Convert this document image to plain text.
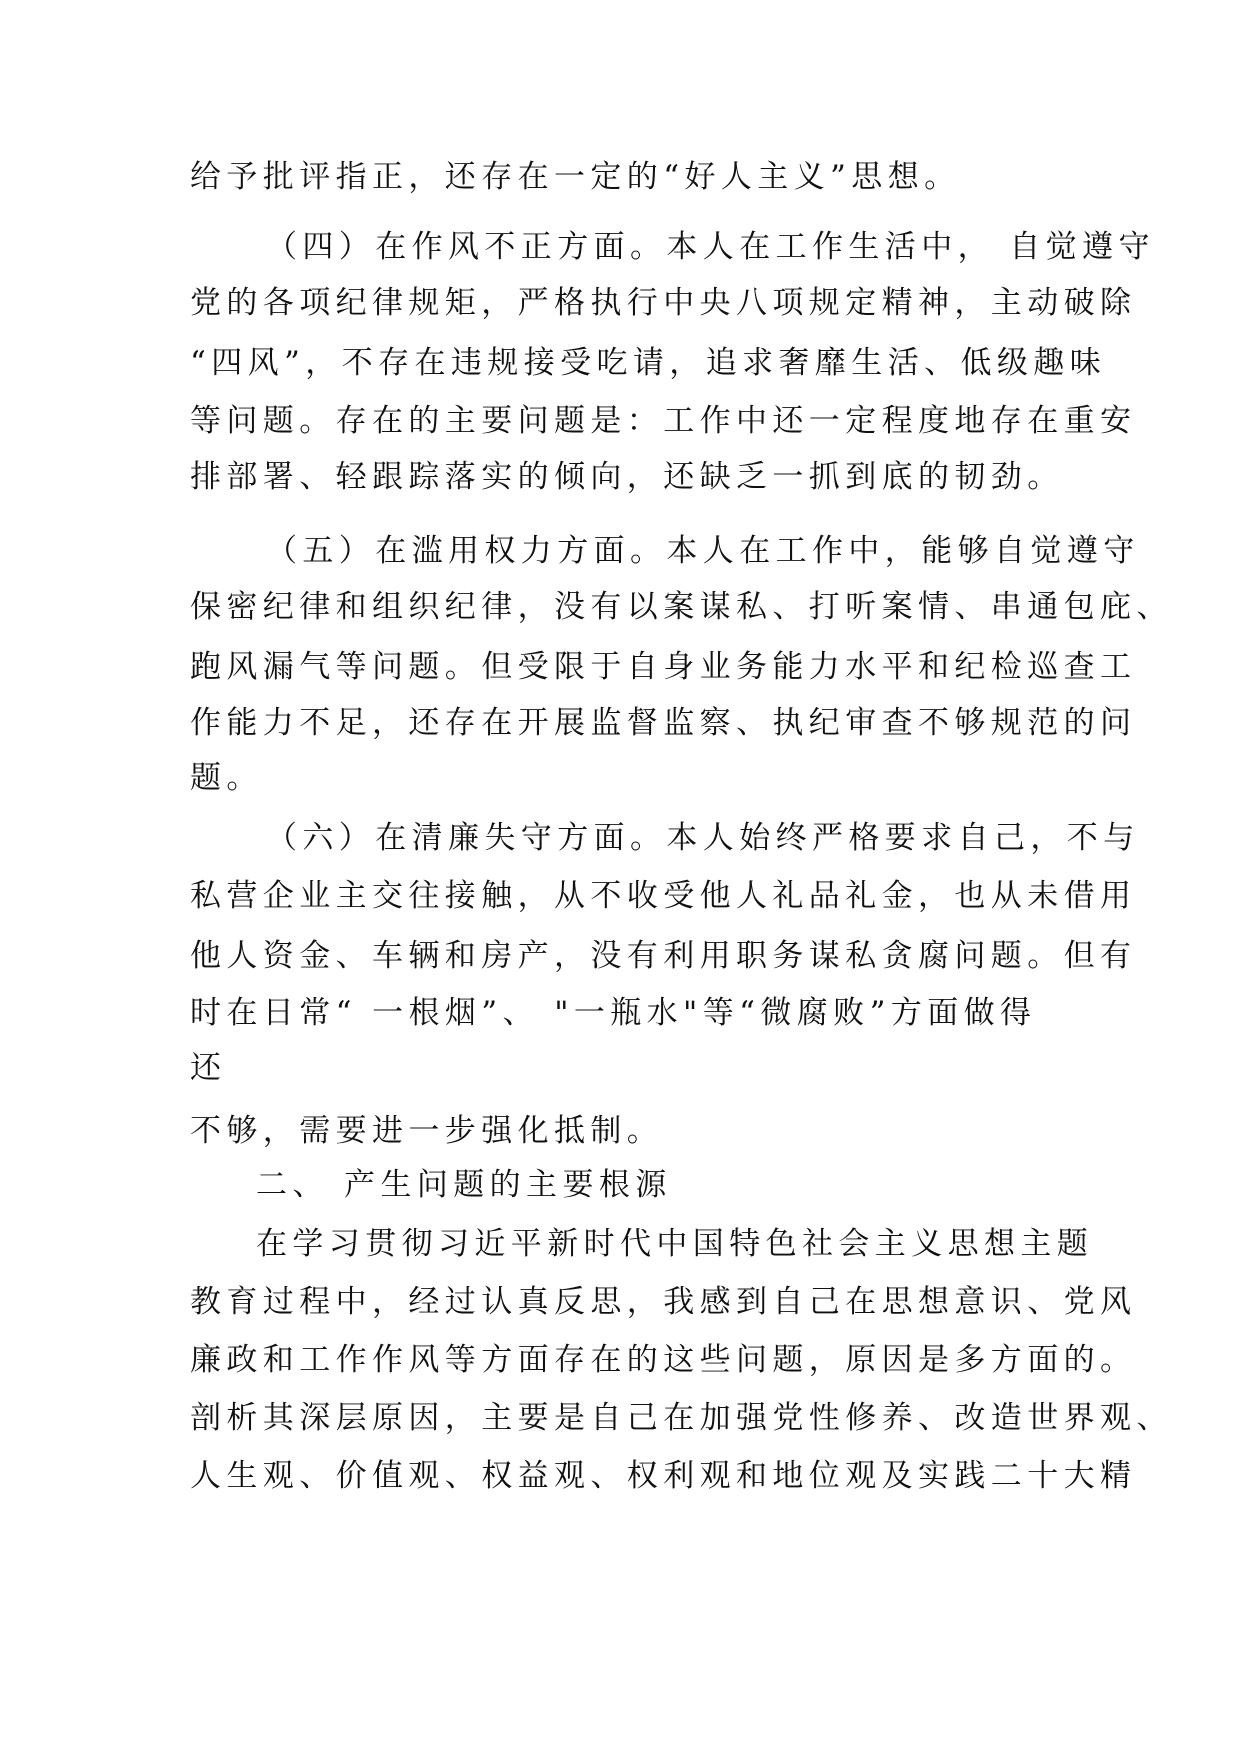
给予批评指正，还存在一定的“好人主义”思想。
（四）在作风不正方面。本人在工作生活中， 自觉遵守
党的各项纪律规矩，严格执行中央八项规定精神，主动破除
“四风”，不存在违规接受吃请，追求奢靡生活、低级趣味
等问题。存在的主要问题是：工作中还一定程度地存在重安
排部署、轻跟踪落实的倾向，还缺乏一抓到底的韧劲。
（五）在滥用权力方面。本人在工作中，能够自觉遵守
保密纪律和组织纪律，没有以案谋私、打听案情、串通包庇、
跑风漏气等问题。但受限于自身业务能力水平和纪检巡查工
作能力不足，还存在开展监督监察、执纪审查不够规范的问
题。
（六）在清廉失守方面。本人始终严格要求自己，不与
私营企业主交往接触，从不收受他人礼品礼金，也从未借用
他人资金、车辆和房产，没有利用职务谋私贪腐问题。但有
时在日常“ 一根烟”、 "一瓶水"等“微腐败”方面做得
还
不够，需要进一步强化抵制。
二、 产生问题的主要根源
在学习贯彻习近平新时代中国特色社会主义思想主题
教育过程中，经过认真反思，我感到自己在思想意识、党风
廉政和工作作风等方面存在的这些问题，原因是多方面的。
剖析其深层原因，主要是自己在加强党性修养、改造世界观、
人生观、价值观、权益观、权利观和地位观及实践二十大精
